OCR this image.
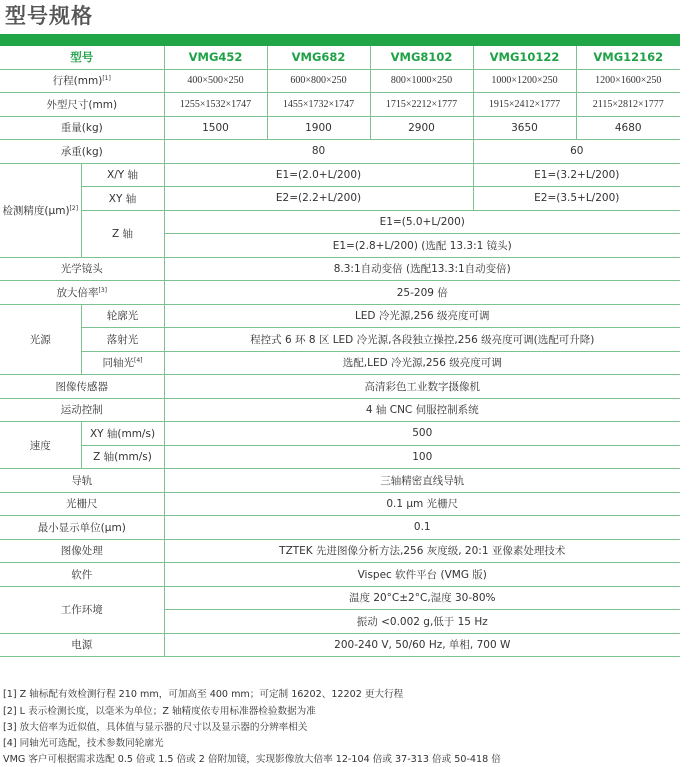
型号规格
型号		VMG452	VMG682	VMG8102	VMG10122	VMG12162
行程(mm)[1]		400×500×250	600×800×250	800×1000×250	1000×1200×250	1200×1600×250
外型尺寸(mm)		1255×1532×1747	1455×1732×1747	1715×2212×1777	1915×2412×1777	2115×2812×1777
重量(kg)		1500	1900	2900	3650	4680
承重(kg)		80			60	
检测精度(μm)[2]	X/Y 轴	E1=(2.0+L/200)			E1=(3.2+L/200)	
	XY 轴	E2=(2.2+L/200)			E2=(3.5+L/200)	
	Z 轴	E1=(5.0+L/200)				
		E1=(2.8+L/200) (选配 13.3:1 镜头)				
光学镜头		8.3:1自动变倍 (选配13.3:1自动变倍)				
放大倍率[3]		25-209 倍				
光源	轮廓光	LED 冷光源,256 级亮度可调				
	落射光	程控式 6 环 8 区 LED 冷光源,各段独立操控,256 级亮度可调(选配可升降)				
	同轴光[4]	选配,LED 冷光源,256 级亮度可调				
图像传感器		高清彩色工业数字摄像机				
运动控制		4 轴 CNC 伺服控制系统				
速度	XY 轴(mm/s)	500				
	Z 轴(mm/s)	100				
导轨		三轴精密直线导轨				
光栅尺		0.1 μm 光栅尺				
最小显示单位(μm)		0.1				
图像处理		TZTEK 先进图像分析方法,256 灰度级, 20:1 亚像素处理技术				
软件		Vispec 软件平台 (VMG 版)				
工作环境		温度 20°C±2°C,湿度 30-80%				
		振动 <0.002 g,低于 15 Hz				
电源		200-240 V, 50/60 Hz, 单相, 700 W				
[1] Z 轴标配有效检测行程 210 mm，可加高至 400 mm；可定制 16202、12202 更大行程
[2] L 表示检测长度，以毫米为单位；Z 轴精度依专用标准器检验数据为准
[3] 放大倍率为近似值，具体值与显示器的尺寸以及显示器的分辨率相关
[4] 同轴光可选配，技术参数同轮廓光
VMG 客户可根据需求选配 0.5 倍或 1.5 倍或 2 倍附加镜，实现影像放大倍率 12-104 倍或 37-313 倍或 50-418 倍
